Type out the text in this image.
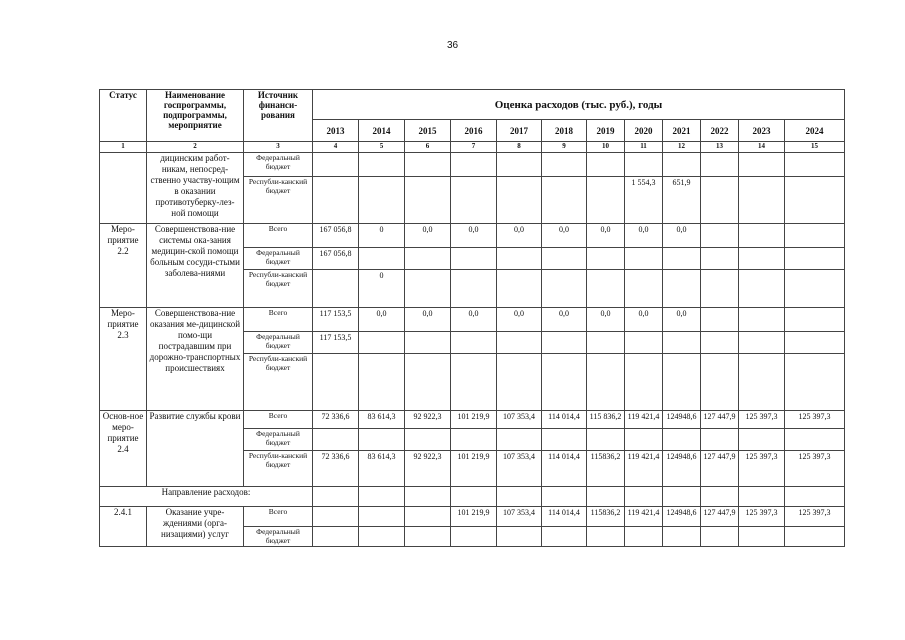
36
Статус	Наименование госпрограммы, подпрограммы, мероприятие	Источник финанси-рования	Оценка расходов (тыс. руб.), годы											
			2013	2014	2015	2016	2017	2018	2019	2020	2021	2022	2023	2024
1	2	3	4	5	6	7	8	9	10	11	12	13	14	15
	дицинским работ-никам, непосред-ственно участву-ющим в оказании противотуберку-лез-ной помощи	Федеральный бюджет												
		Республи-канский бюджет								1 554,3	651,9			
Меро-приятие 2.2	Совершенствова-ние системы ока-зания медицин-ской помощи больным сосуди-стыми заболева-ниями	Всего	167 056,8	0	0,0	0,0	0,0	0,0	0,0	0,0	0,0			
		Федеральный бюджет	167 056,8											
		Республи-канский бюджет		0										
Меро-приятие 2.3	Совершенствова-ние оказания ме-дицинской помо-щи пострадавшим при дорожно-транспортных происшествиях	Всего	117 153,5	0,0	0,0	0,0	0,0	0,0	0,0	0,0	0,0			
		Федеральный бюджет	117 153,5											
		Республи-канский бюджет												
Основ-ное меро-приятие 2.4	Развитие службы крови	Всего	72 336,6	83 614,3	92 922,3	101 219,9	107 353,4	114 014,4	115 836,2	119 421,4	124948,6	127 447,9	125 397,3	125 397,3
		Федеральный бюджет												
		Республи-канский бюджет	72 336,6	83 614,3	92 922,3	101 219,9	107 353,4	114 014,4	115836,2	119 421,4	124948,6	127 447,9	125 397,3	125 397,3
Направление расходов:														
2.4.1	Оказание учре-ждениями (орга-низациями) услуг	Всего				101 219,9	107 353,4	114 014,4	115836,2	119 421,4	124948,6	127 447,9	125 397,3	125 397,3
		Федеральный бюджет												
